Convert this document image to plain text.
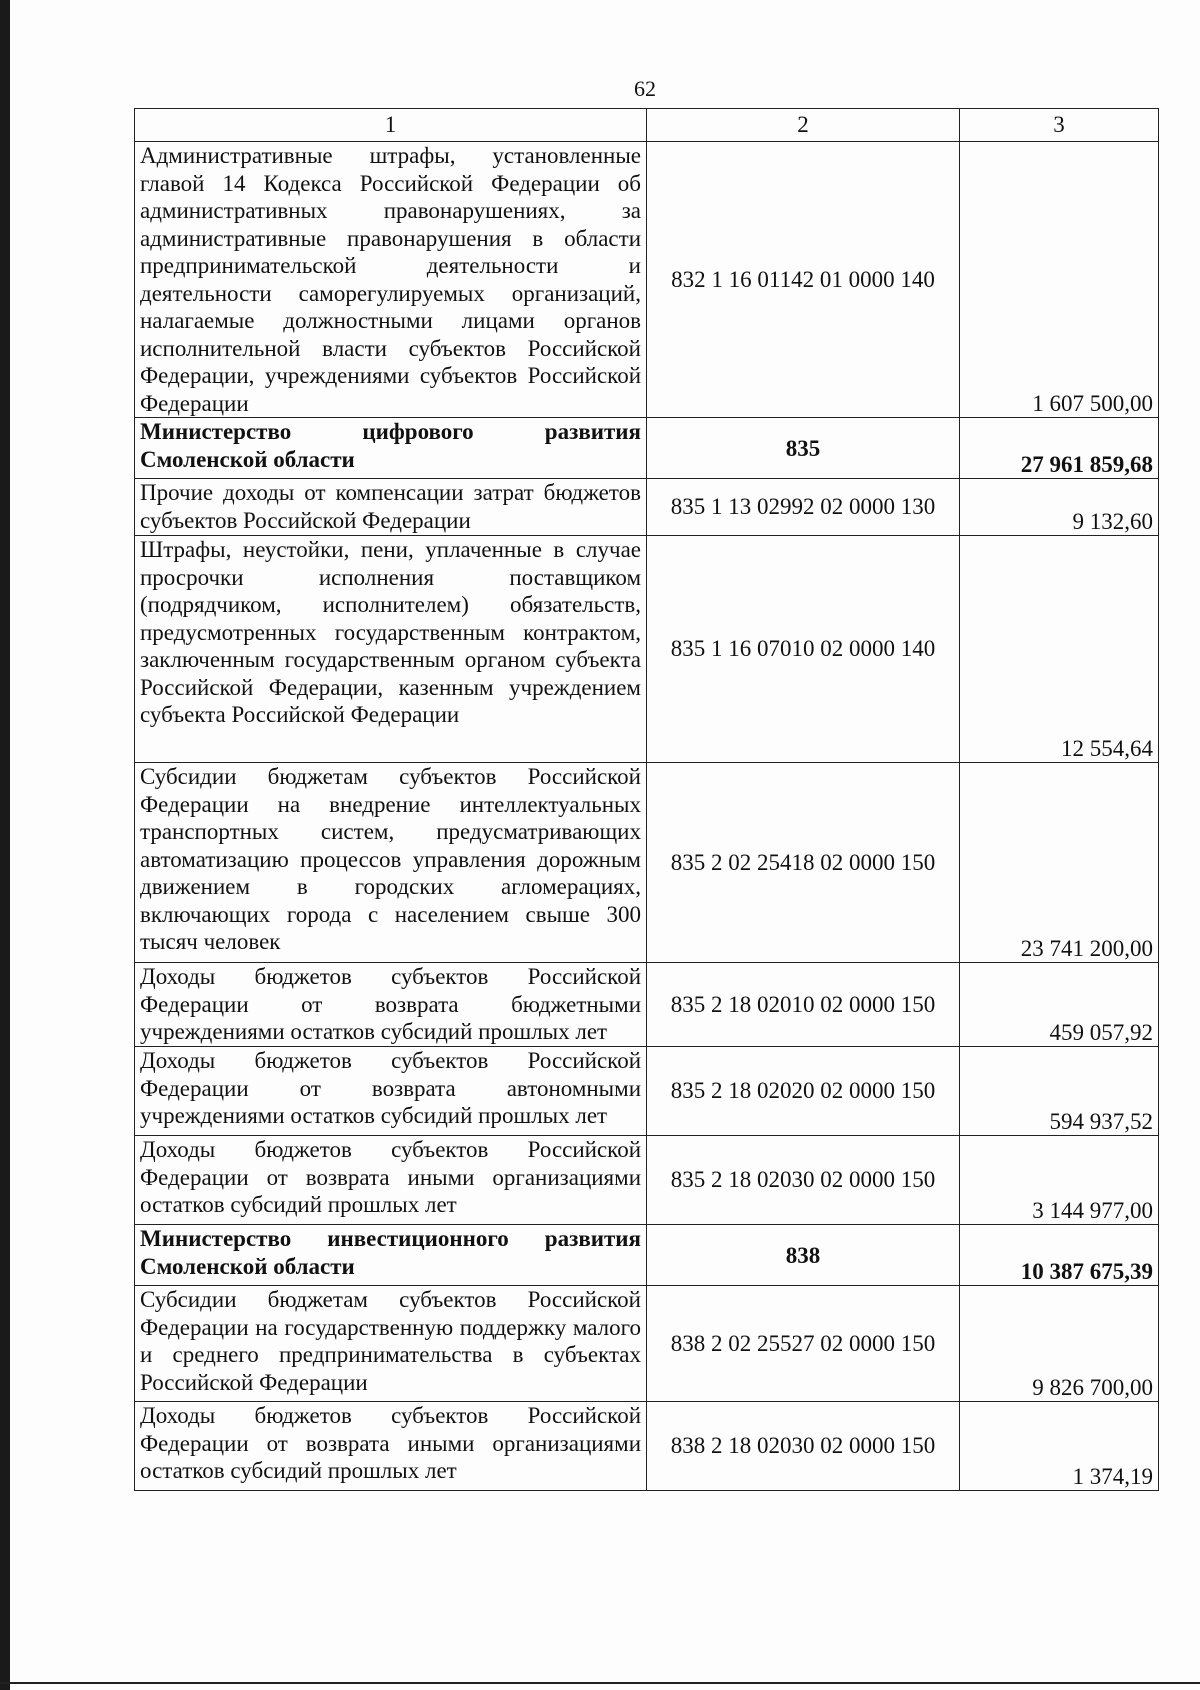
62
1	2	3
Административные штрафы, установленные главой 14 Кодекса Российской Федерации об административных правонарушениях, за административные правонарушения в области предпринимательской деятельности и деятельности саморегулируемых организаций, налагаемые должностными лицами органов исполнительной власти субъектов Российской Федерации, учреждениями субъектов Российской Федерации	832 1 16 01142 01 0000 140	1 607 500,00
Министерство цифрового развития Смоленской области	835	27 961 859,68
Прочие доходы от компенсации затрат бюджетов субъектов Российской Федерации	835 1 13 02992 02 0000 130	9 132,60
Штрафы, неустойки, пени, уплаченные в случае просрочки исполнения поставщиком (подрядчиком, исполнителем) обязательств, предусмотренных государственным контрактом, заключенным государственным органом субъекта Российской Федерации, казенным учреждением субъекта Российской Федерации	835 1 16 07010 02 0000 140	12 554,64
Субсидии бюджетам субъектов Российской Федерации на внедрение интеллектуальных транспортных систем, предусматривающих автоматизацию процессов управления дорожным движением в городских агломерациях, включающих города с населением свыше 300 тысяч человек	835 2 02 25418 02 0000 150	23 741 200,00
Доходы бюджетов субъектов Российской Федерации от возврата бюджетными учреждениями остатков субсидий прошлых лет	835 2 18 02010 02 0000 150	459 057,92
Доходы бюджетов субъектов Российской Федерации от возврата автономными учреждениями остатков субсидий прошлых лет	835 2 18 02020 02 0000 150	594 937,52
Доходы бюджетов субъектов Российской Федерации от возврата иными организациями остатков субсидий прошлых лет	835 2 18 02030 02 0000 150	3 144 977,00
Министерство инвестиционного развития Смоленской области	838	10 387 675,39
Субсидии бюджетам субъектов Российской Федерации на государственную поддержку малого и среднего предпринимательства в субъектах Российской Федерации	838 2 02 25527 02 0000 150	9 826 700,00
Доходы бюджетов субъектов Российской Федерации от возврата иными организациями остатков субсидий прошлых лет	838 2 18 02030 02 0000 150	1 374,19
